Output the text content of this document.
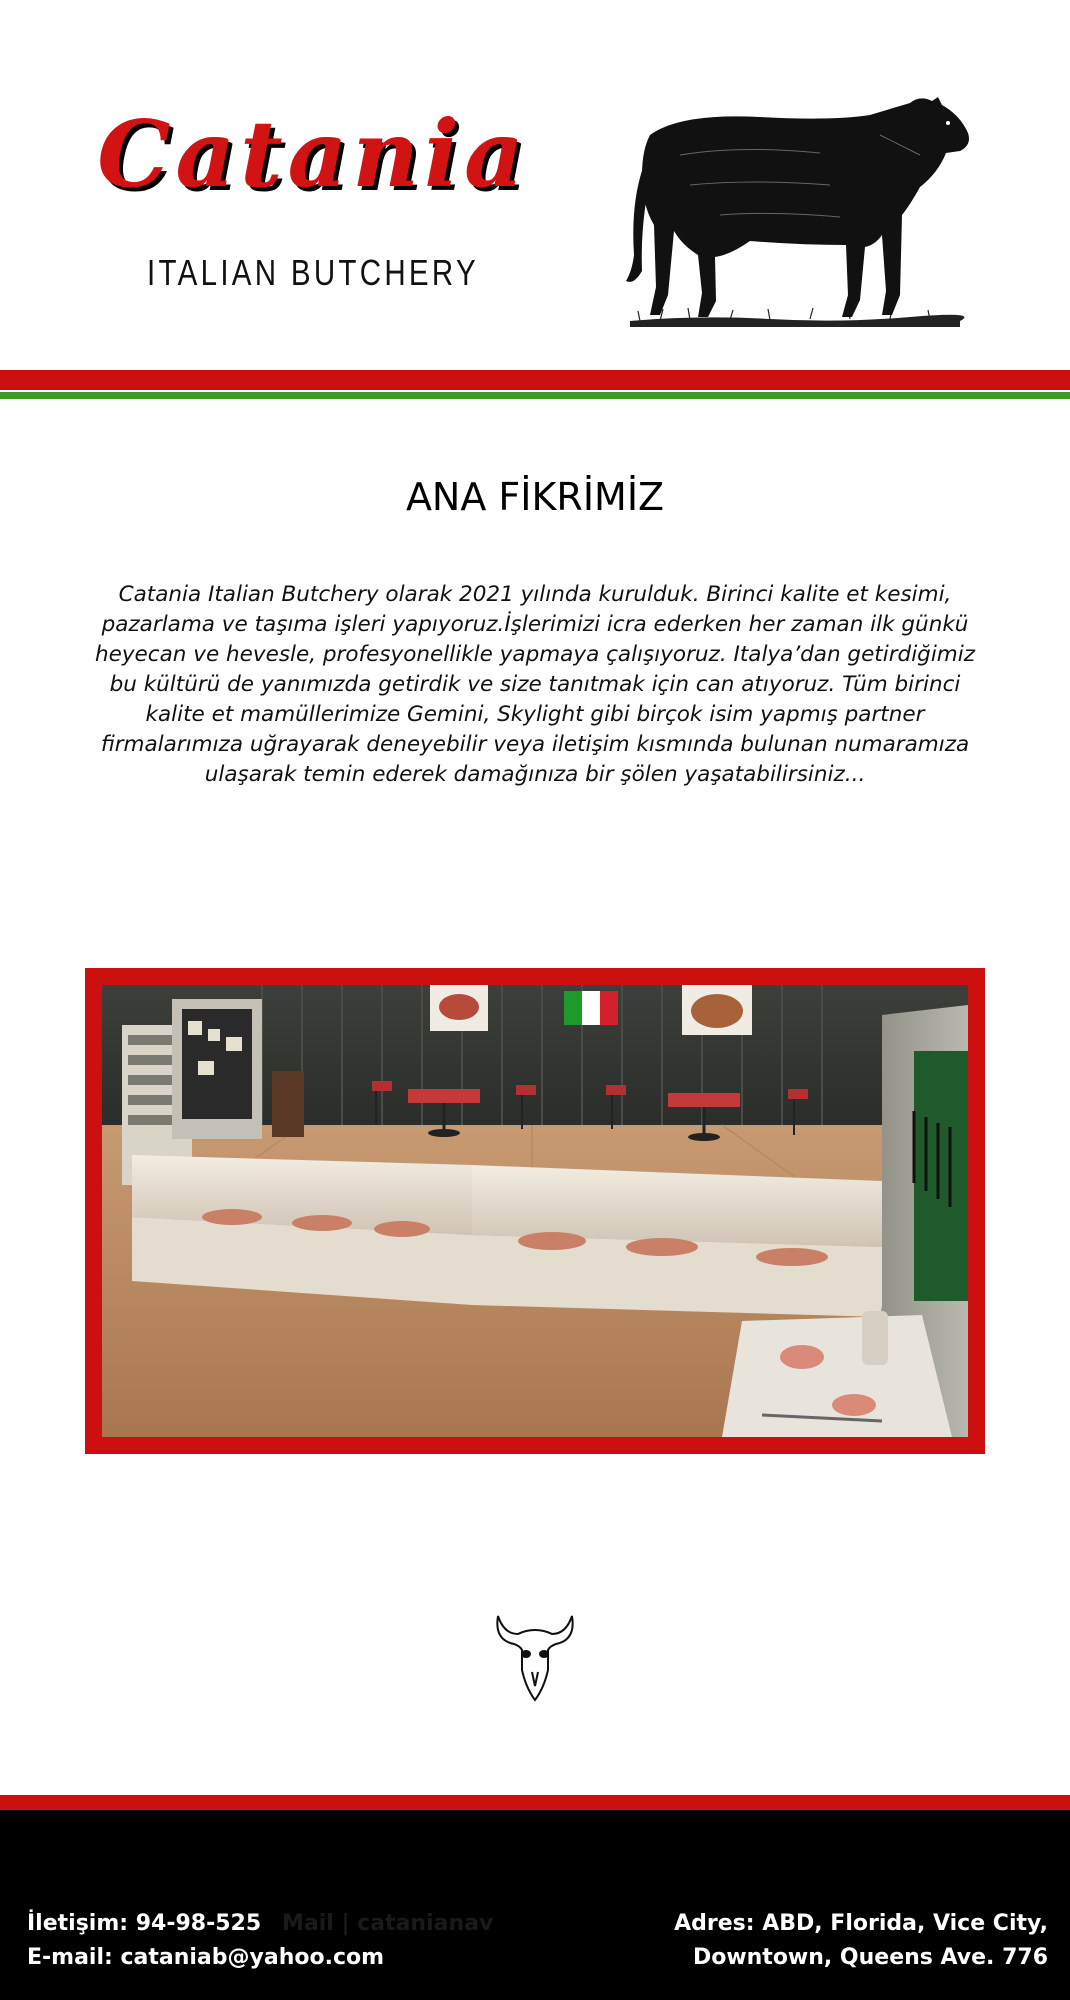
Catania
ITALIAN BUTCHERY
ANA FİKRİMİZ

Catania Italian Butchery olarak 2021 yılında kurulduk. Birinci kalite et kesimi, pazarlama ve taşıma işleri yapıyoruz.İşlerimizi icra ederken her zaman ilk günkü heyecan ve hevesle, profesyonellikle yapmaya çalışıyoruz. Italya’dan getirdiğimiz bu kültürü de yanımızda getirdik ve size tanıtmak için can atıyoruz. Tüm birinci kalite et mamüllerimize Gemini, Skylight gibi birçok isim yapmış partner firmalarımıza uğrayarak deneyebilir veya iletişim kısmında bulunan numaramıza ulaşarak temin ederek damağınıza bir şölen yaşatabilirsiniz...

Mail | catanianav
İletişim: 94-98-525
E-mail: cataniab@yahoo.com
Adres: ABD, Florida, Vice City,
Downtown, Queens Ave. 776
